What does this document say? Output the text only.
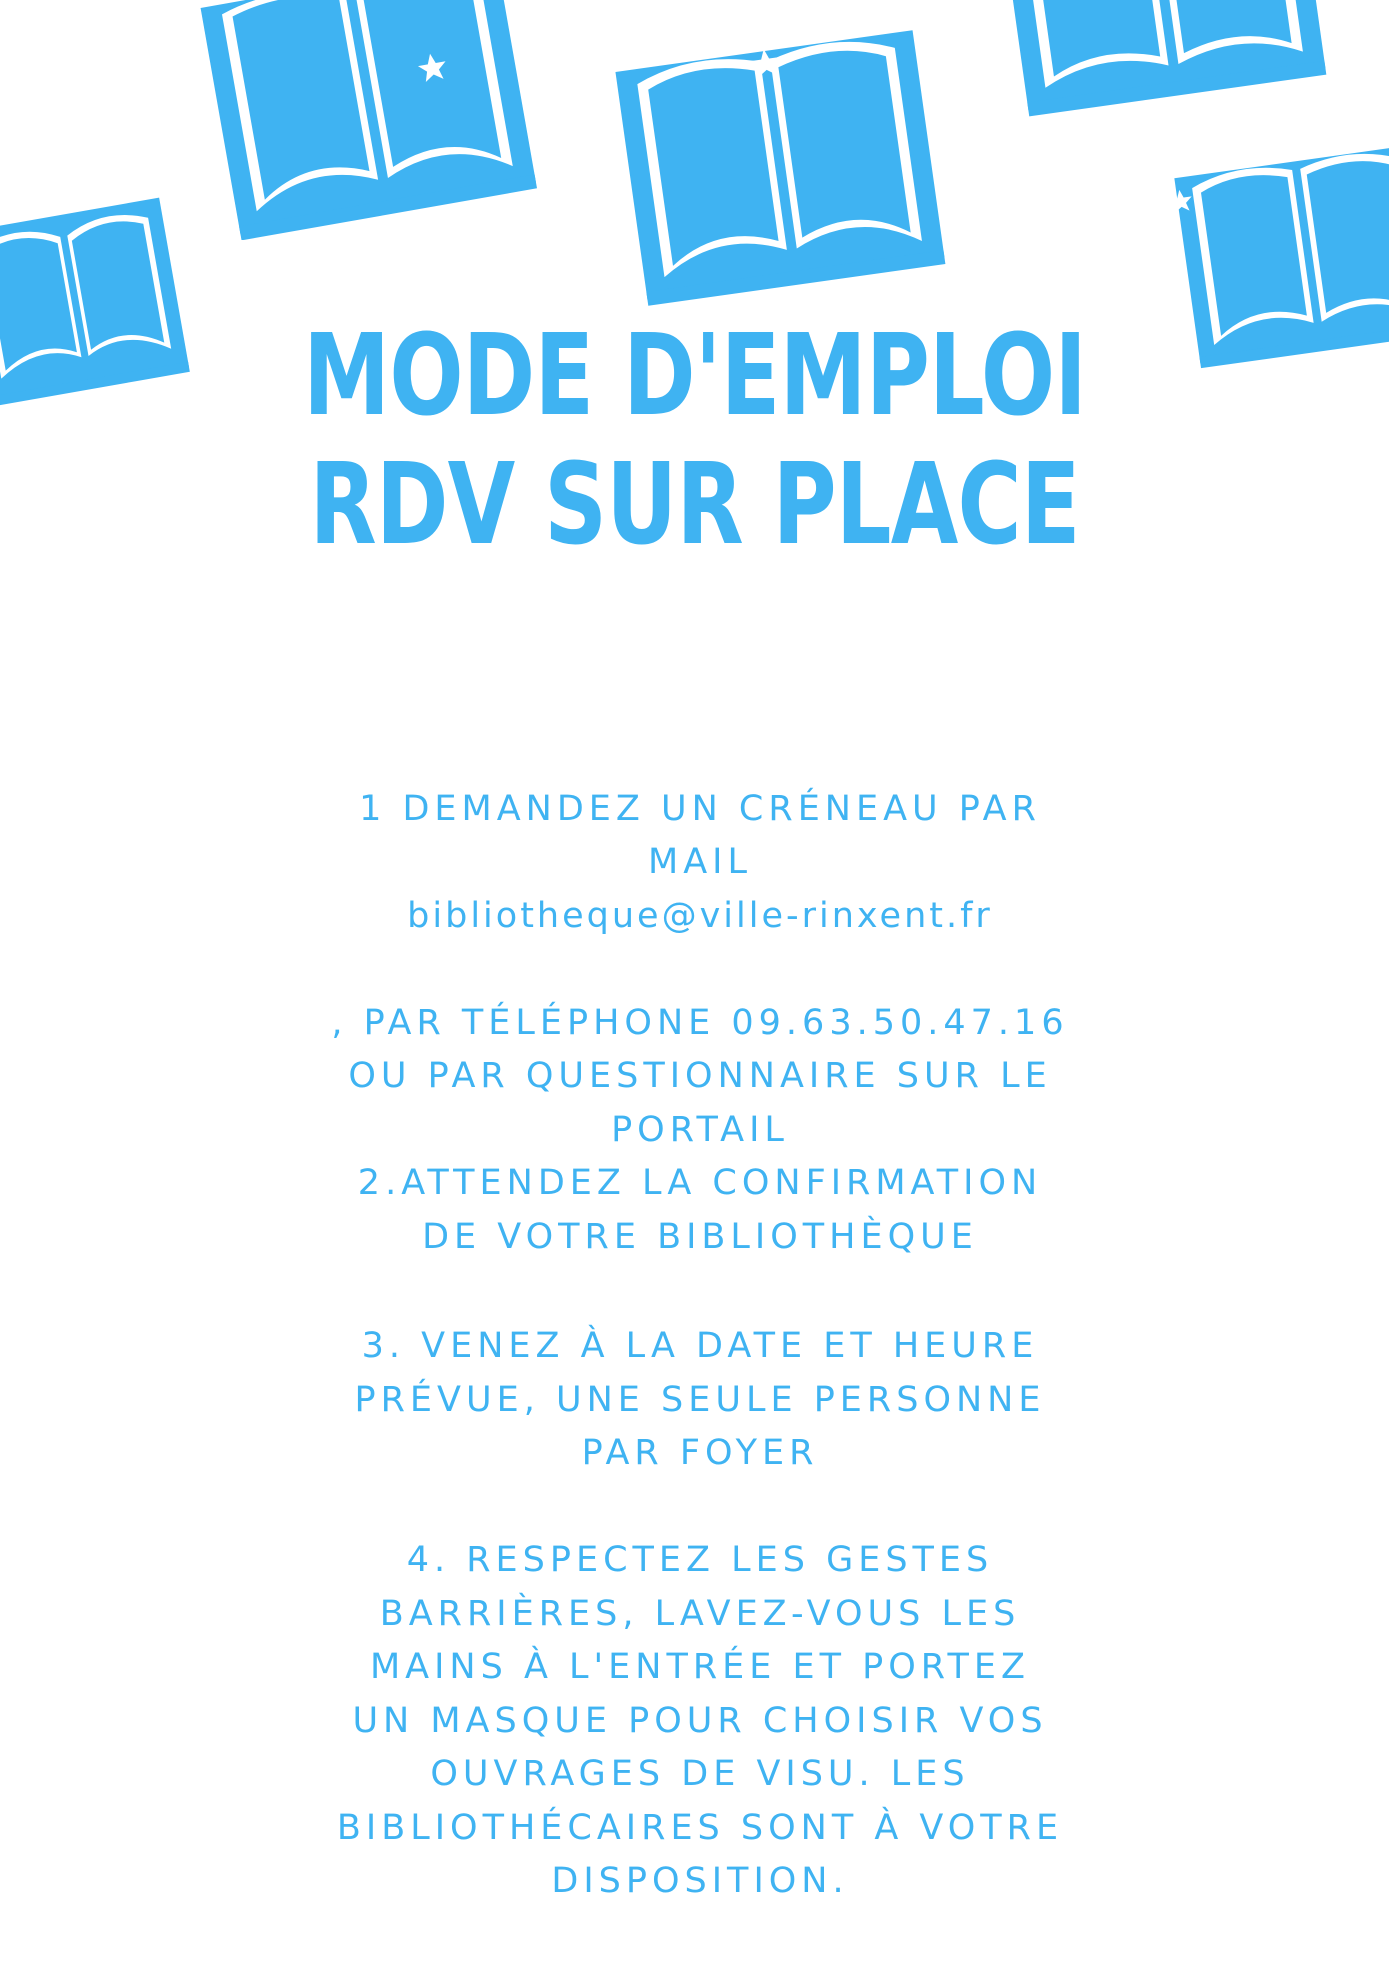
MODE D'EMPLOI
RDV SUR PLACE

1 DEMANDEZ UN CRÉNEAU PAR
MAIL

bibliotheque@ville-rinxent.fr

, PAR TÉLÉPHONE 09.63.50.47.16
OU PAR QUESTIONNAIRE SUR LE
PORTAIL

2.ATTENDEZ LA CONFIRMATION
DE VOTRE BIBLIOTHÈQUE
3. VENEZ À LA DATE ET HEURE
PRÉVUE, UNE SEULE PERSONNE
PAR FOYER
4. RESPECTEZ LES GESTES
BARRIÈRES, LAVEZ-VOUS LES
MAINS À L'ENTRÉE ET PORTEZ
UN MASQUE POUR CHOISIR VOS
OUVRAGES DE VISU. LES
BIBLIOTHÉCAIRES SONT À VOTRE
DISPOSITION.
